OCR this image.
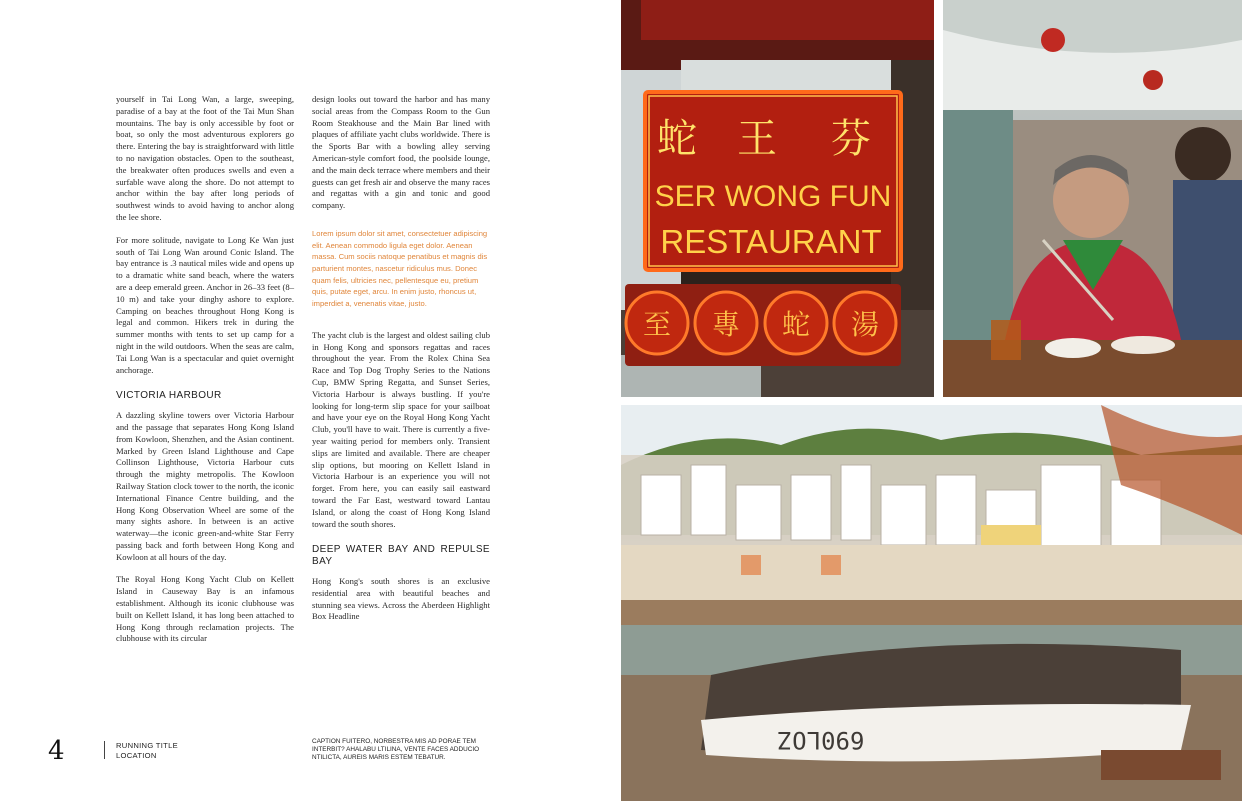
yourself in Tai Long Wan, a large, sweeping, paradise of a bay at the foot of the Tai Mun Shan mountains. The bay is only accessible by foot or boat, so only the most adventurous explorers go there. Entering the bay is straightforward with little to no navigation obstacles. Open to the southeast, the breakwater often produces swells and even a surfable wave along the shore. Do not attempt to anchor within the bay after long periods of southwest winds to avoid having to anchor along the lee shore.

For more solitude, navigate to Long Ke Wan just south of Tai Long Wan around Conic Island. The bay entrance is .3 nautical miles wide and opens up to a dramatic white sand beach, where the waters are a deep emerald green. Anchor in 26–33 feet (8–10 m) and take your dinghy ashore to explore. Camping on beaches throughout Hong Kong is legal and common. Hikers trek in during the summer months with tents to set up camp for a night in the wild outdoors. When the seas are calm, Tai Long Wan is a spectacular and quiet overnight anchorage.

VICTORIA HARBOUR

A dazzling skyline towers over Victoria Harbour and the passage that separates Hong Kong Island from Kowloon, Shenzhen, and the Asian continent. Marked by Green Island Lighthouse and Cape Collinson Lighthouse, Victoria Harbour cuts through the mighty metropolis. The Kowloon Railway Station clock tower to the north, the iconic International Finance Centre building, and the Hong Kong Observation Wheel are some of the many sights ashore. In between is an active waterway—the iconic green-and-white Star Ferry passing back and forth between Hong Kong and Kowloon at all hours of the day.

The Royal Hong Kong Yacht Club on Kellett Island in Causeway Bay is an infamous establishment. Although its iconic clubhouse was built on Kellett Island, it has long been attached to Hong Kong through reclamation projects. The clubhouse with its circular

design looks out toward the harbor and has many social areas from the Compass Room to the Gun Room Steakhouse and the Main Bar lined with plaques of affiliate yacht clubs worldwide. There is the Sports Bar with a bowling alley serving American-style comfort food, the poolside lounge, and the main deck terrace where members and their guests can get fresh air and observe the many races and regattas with a gin and tonic and good company.

Lorem ipsum dolor sit amet, consectetuer adipiscing elit. Aenean commodo ligula eget dolor. Aenean massa. Cum sociis natoque penatibus et magnis dis parturient montes, nascetur ridiculus mus. Donec quam felis, ultricies nec, pellentesque eu, pretium quis, putate eget, arcu. In enim justo, rhoncus ut, imperdiet a, venenatis vitae, justo.

The yacht club is the largest and oldest sailing club in Hong Kong and sponsors regattas and races throughout the year. From the Rolex China Sea Race and Top Dog Trophy Series to the Nations Cup, BMW Spring Regatta, and Sunset Series, Victoria Harbour is always bustling. If you're looking for long-term slip space for your sailboat and have your eye on the Royal Hong Kong Yacht Club, you'll have to wait. There is currently a five-year waiting period for members only. Transient slips are limited and available. There are cheaper slip options, but mooring on Kellett Island in Victoria Harbour is an experience you will not forget. From here, you can easily sail eastward toward the Far East, westward toward Lantau Island, or along the coast of Hong Kong Island toward the south shores.

DEEP WATER BAY AND REPULSE BAY

Hong Kong's south shores is an exclusive residential area with beautiful beaches and stunning sea views. Across the Aberdeen Highlight Box Headline

4	RUNNING TITLE
LOCATION
CAPTION FUITERO, NORBESTRA MIS AD PORAE TEM INTERBIT? AHALABU LTILINA, VENTE FACES ADDUCIO NTILICTA, AUREIS MARIS ESTEM TEBATUR.
蛇 王 芬
SER WONG FUN
RESTAURANT
至 專 蛇 湯
690LOZ
